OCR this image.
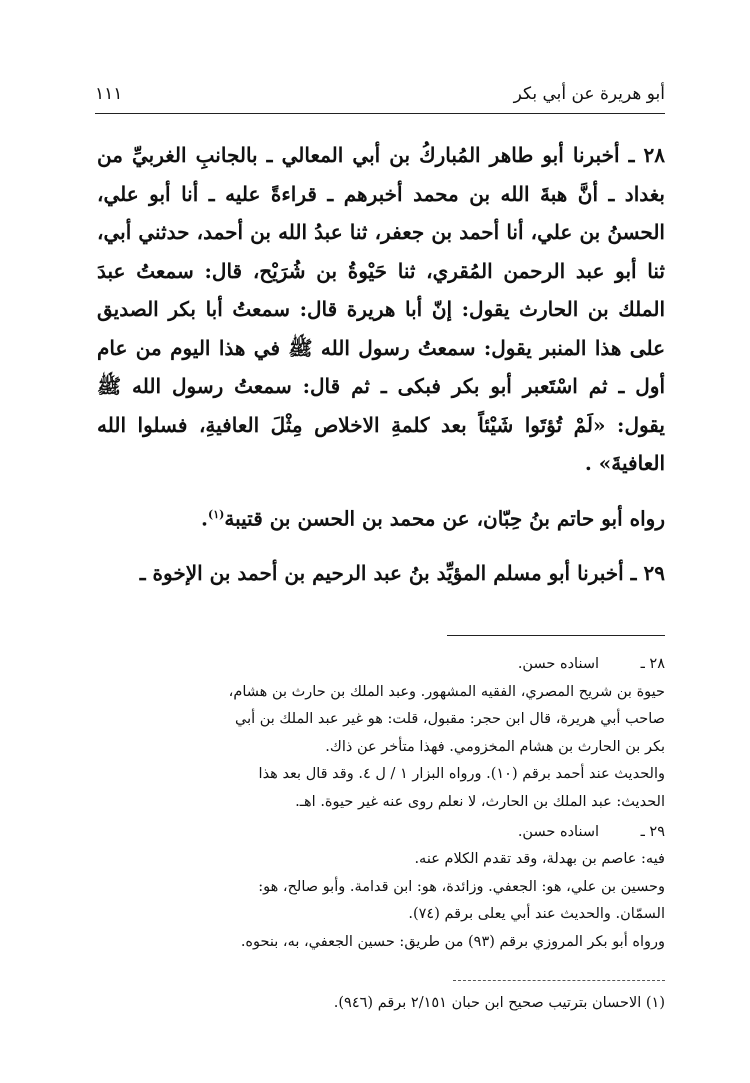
١١١	أبو هريرة عن أبي بكر

٢٨ ـ أخبرنا أبو طاهر المُباركُ بن أبي المعالي ـ بالجانبِ الغربيِّ من بغداد ـ أنَّ هبةَ الله بن محمد أخبرهم ـ قراءةً عليه ـ أنا أبو علي، الحسنُ بن علي، أنا أحمد بن جعفر، ثنا عبدُ الله بن أحمد، حدثني أبي، ثنا أبو عبد الرحمن المُقري، ثنا حَيْوةُ بن شُرَيْح، قال: سمعتُ عبدَ الملك بن الحارث يقول: إنّ أبا هريرة قال: سمعتُ أبا بكر الصديق على هذا المنبر يقول: سمعتُ رسول الله ﷺ في هذا اليوم من عام أول ـ ثم اسْتَعبر أبو بكر فبكى ـ ثم قال: سمعتُ رسول الله ﷺ يقول: «لَمْ تُؤتَوا شَيْئاً بعد كلمةِ الاخلاص مِثْلَ العافيةِ، فسلوا الله العافيةَ» .

رواه أبو حاتم بنُ حِبّان، عن محمد بن الحسن بن قتيبة$^{(١)}$.

٢٩ ـ أخبرنا أبو مسلم المؤيِّد بنُ عبد الرحيم بن أحمد بن الإخوة ـ

٢٨ ـ
اسناده حسن.

حيوة بن شريح المصري، الفقيه المشهور. وعبد الملك بن حارث بن هشام،

صاحب أبي هريرة، قال ابن حجر: مقبول، قلت: هو غير عبد الملك بن أبي

بكر بن الحارث بن هشام المخزومي. فهذا متأخر عن ذاك.

والحديث عند أحمد برقم (١٠). ورواه البزار ١ / ل ٤. وقد قال بعد هذا

الحديث: عبد الملك بن الحارث، لا نعلم روى عنه غير حيوة. اهـ.

٢٩ ـ
اسناده حسن.

فيه: عاصم بن بهدلة، وقد تقدم الكلام عنه.

وحسين بن علي، هو: الجعفي. وزائدة، هو: ابن قدامة. وأبو صالح، هو:

السمّان. والحديث عند أبي يعلى برقم (٧٤).

ورواه أبو بكر المروزي برقم (٩٣) من طريق: حسين الجعفي، به، بنحوه.

(١) الاحسان بترتيب صحيح ابن حبان ٢/١٥١ برقم (٩٤٦).
